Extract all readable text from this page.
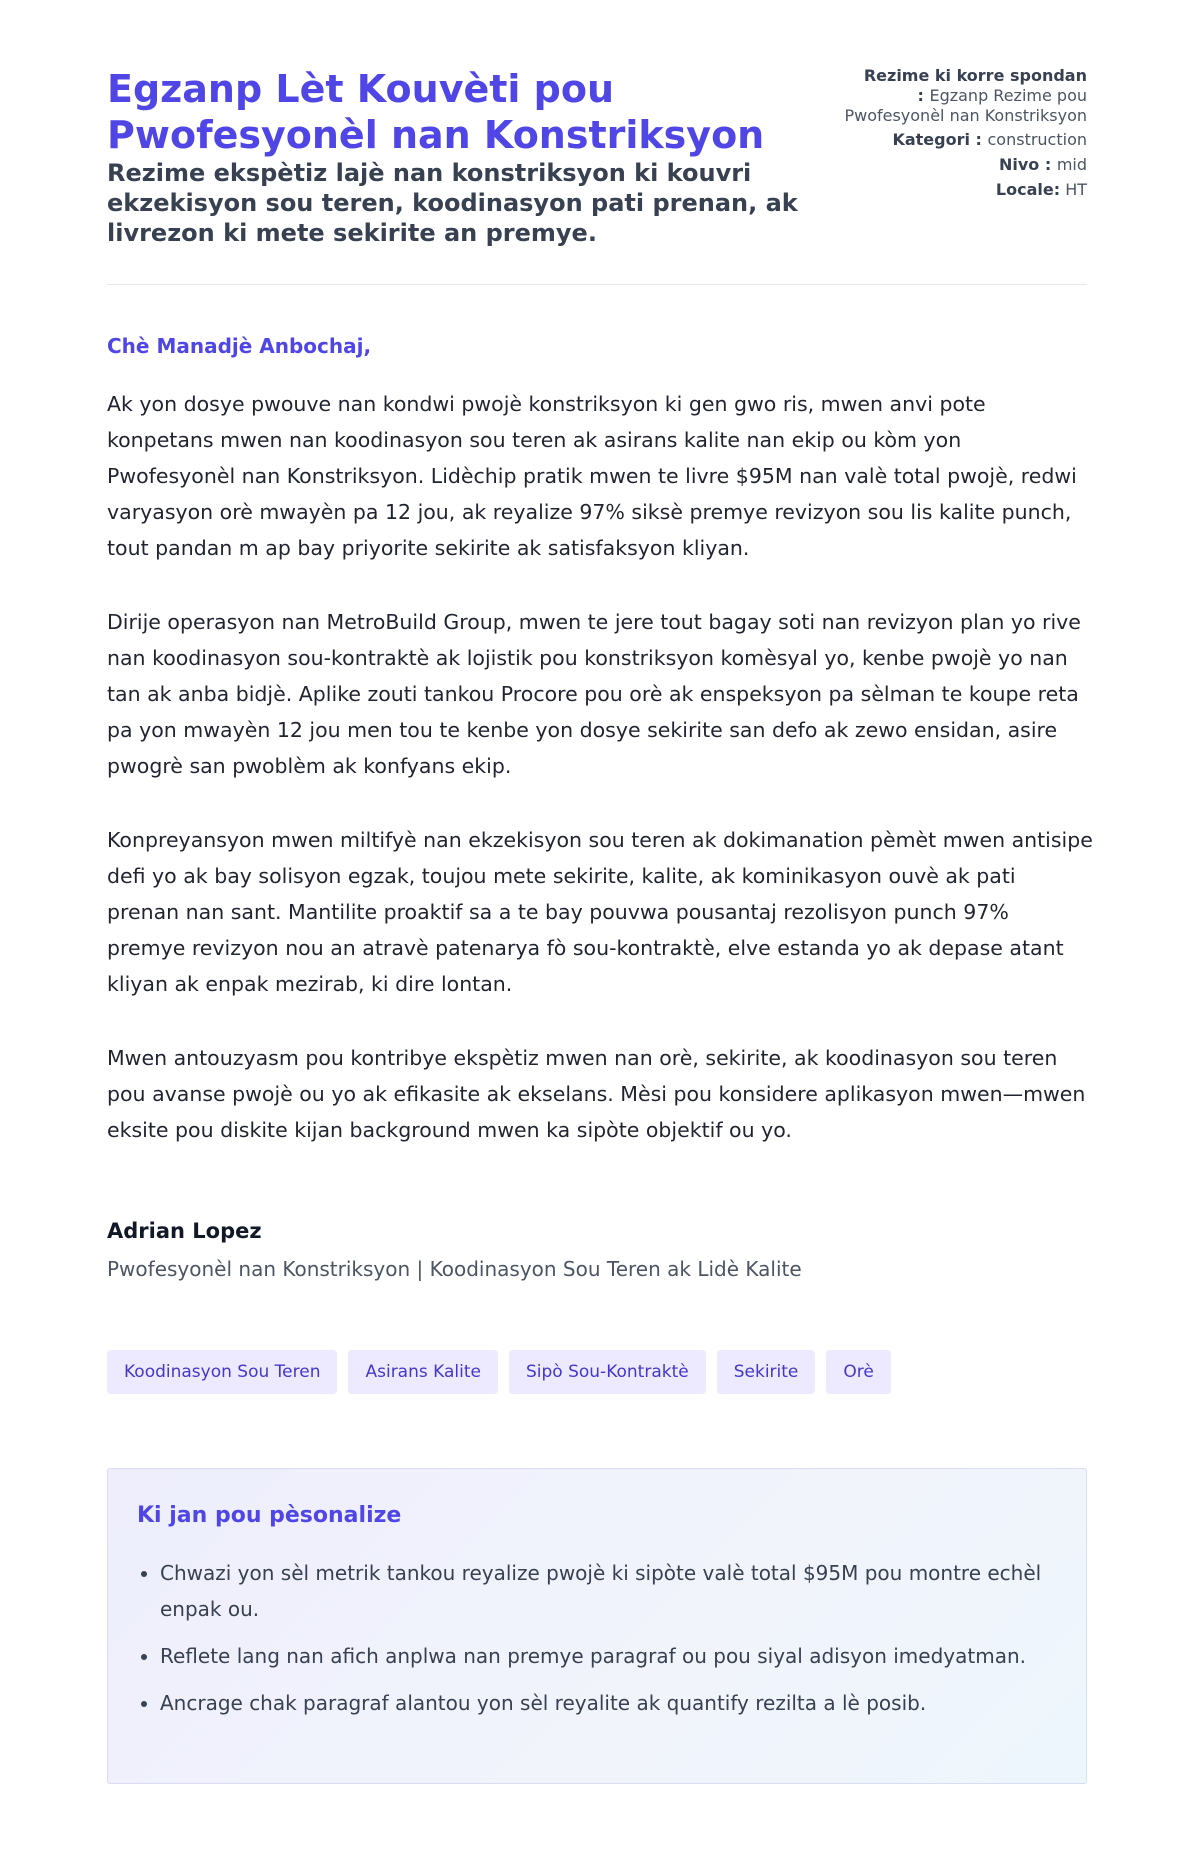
Egzanp Lèt Kouvèti pou Pwofesyonèl nan Konstriksyon

Rezime ekspètiz lajè nan konstriksyon ki kouvri ekzekisyon sou teren, koodinasyon pati prenan, ak livrezon ki mete sekirite an premye.

Rezime ki korre spondan
: Egzanp Rezime pou Pwofesyonèl nan Konstriksyon
Kategori : construction
Nivo : mid
Locale: HT

Chè Manadjè Anbochaj,

Ak yon dosye pwouve nan kondwi pwojè konstriksyon ki gen gwo ris, mwen anvi pote konpetans mwen nan koodinasyon sou teren ak asirans kalite nan ekip ou kòm yon Pwofesyonèl nan Konstriksyon. Lidèchip pratik mwen te livre $95M nan valè total pwojè, redwi varyasyon orè mwayèn pa 12 jou, ak reyalize 97% siksè premye revizyon sou lis kalite punch, tout pandan m ap bay priyorite sekirite ak satisfaksyon kliyan.

Dirije operasyon nan MetroBuild Group, mwen te jere tout bagay soti nan revizyon plan yo rive nan koodinasyon sou-kontraktè ak lojistik pou konstriksyon komèsyal yo, kenbe pwojè yo nan tan ak anba bidjè. Aplike zouti tankou Procore pou orè ak enspeksyon pa sèlman te koupe reta pa yon mwayèn 12 jou men tou te kenbe yon dosye sekirite san defo ak zewo ensidan, asire pwogrè san pwoblèm ak konfyans ekip.

Konpreyansyon mwen miltifyè nan ekzekisyon sou teren ak dokimanation pèmèt mwen antisipe defi yo ak bay solisyon egzak, toujou mete sekirite, kalite, ak kominikasyon ouvè ak pati prenan nan sant. Mantilite proaktif sa a te bay pouvwa pousantaj rezolisyon punch 97% premye revizyon nou an atravè patenarya fò sou-kontraktè, elve estanda yo ak depase atant kliyan ak enpak mezirab, ki dire lontan.

Mwen antouzyasm pou kontribye ekspètiz mwen nan orè, sekirite, ak koodinasyon sou teren pou avanse pwojè ou yo ak efikasite ak ekselans. Mèsi pou konsidere aplikasyon mwen—mwen eksite pou diskite kijan background mwen ka sipòte objektif ou yo.

Adrian Lopez

Pwofesyonèl nan Konstriksyon | Koodinasyon Sou Teren ak Lidè Kalite

Koodinasyon Sou Teren	Asirans Kalite	Sipò Sou-Kontraktè	Sekirite	Orè
Ki jan pou pèsonalize
• Chwazi yon sèl metrik tankou reyalize pwojè ki sipòte valè total $95M pou montre echèl enpak ou.
• Reflete lang nan afich anplwa nan premye paragraf ou pou siyal adisyon imedyatman.
• Ancrage chak paragraf alantou yon sèl reyalite ak quantify rezilta a lè posib.
